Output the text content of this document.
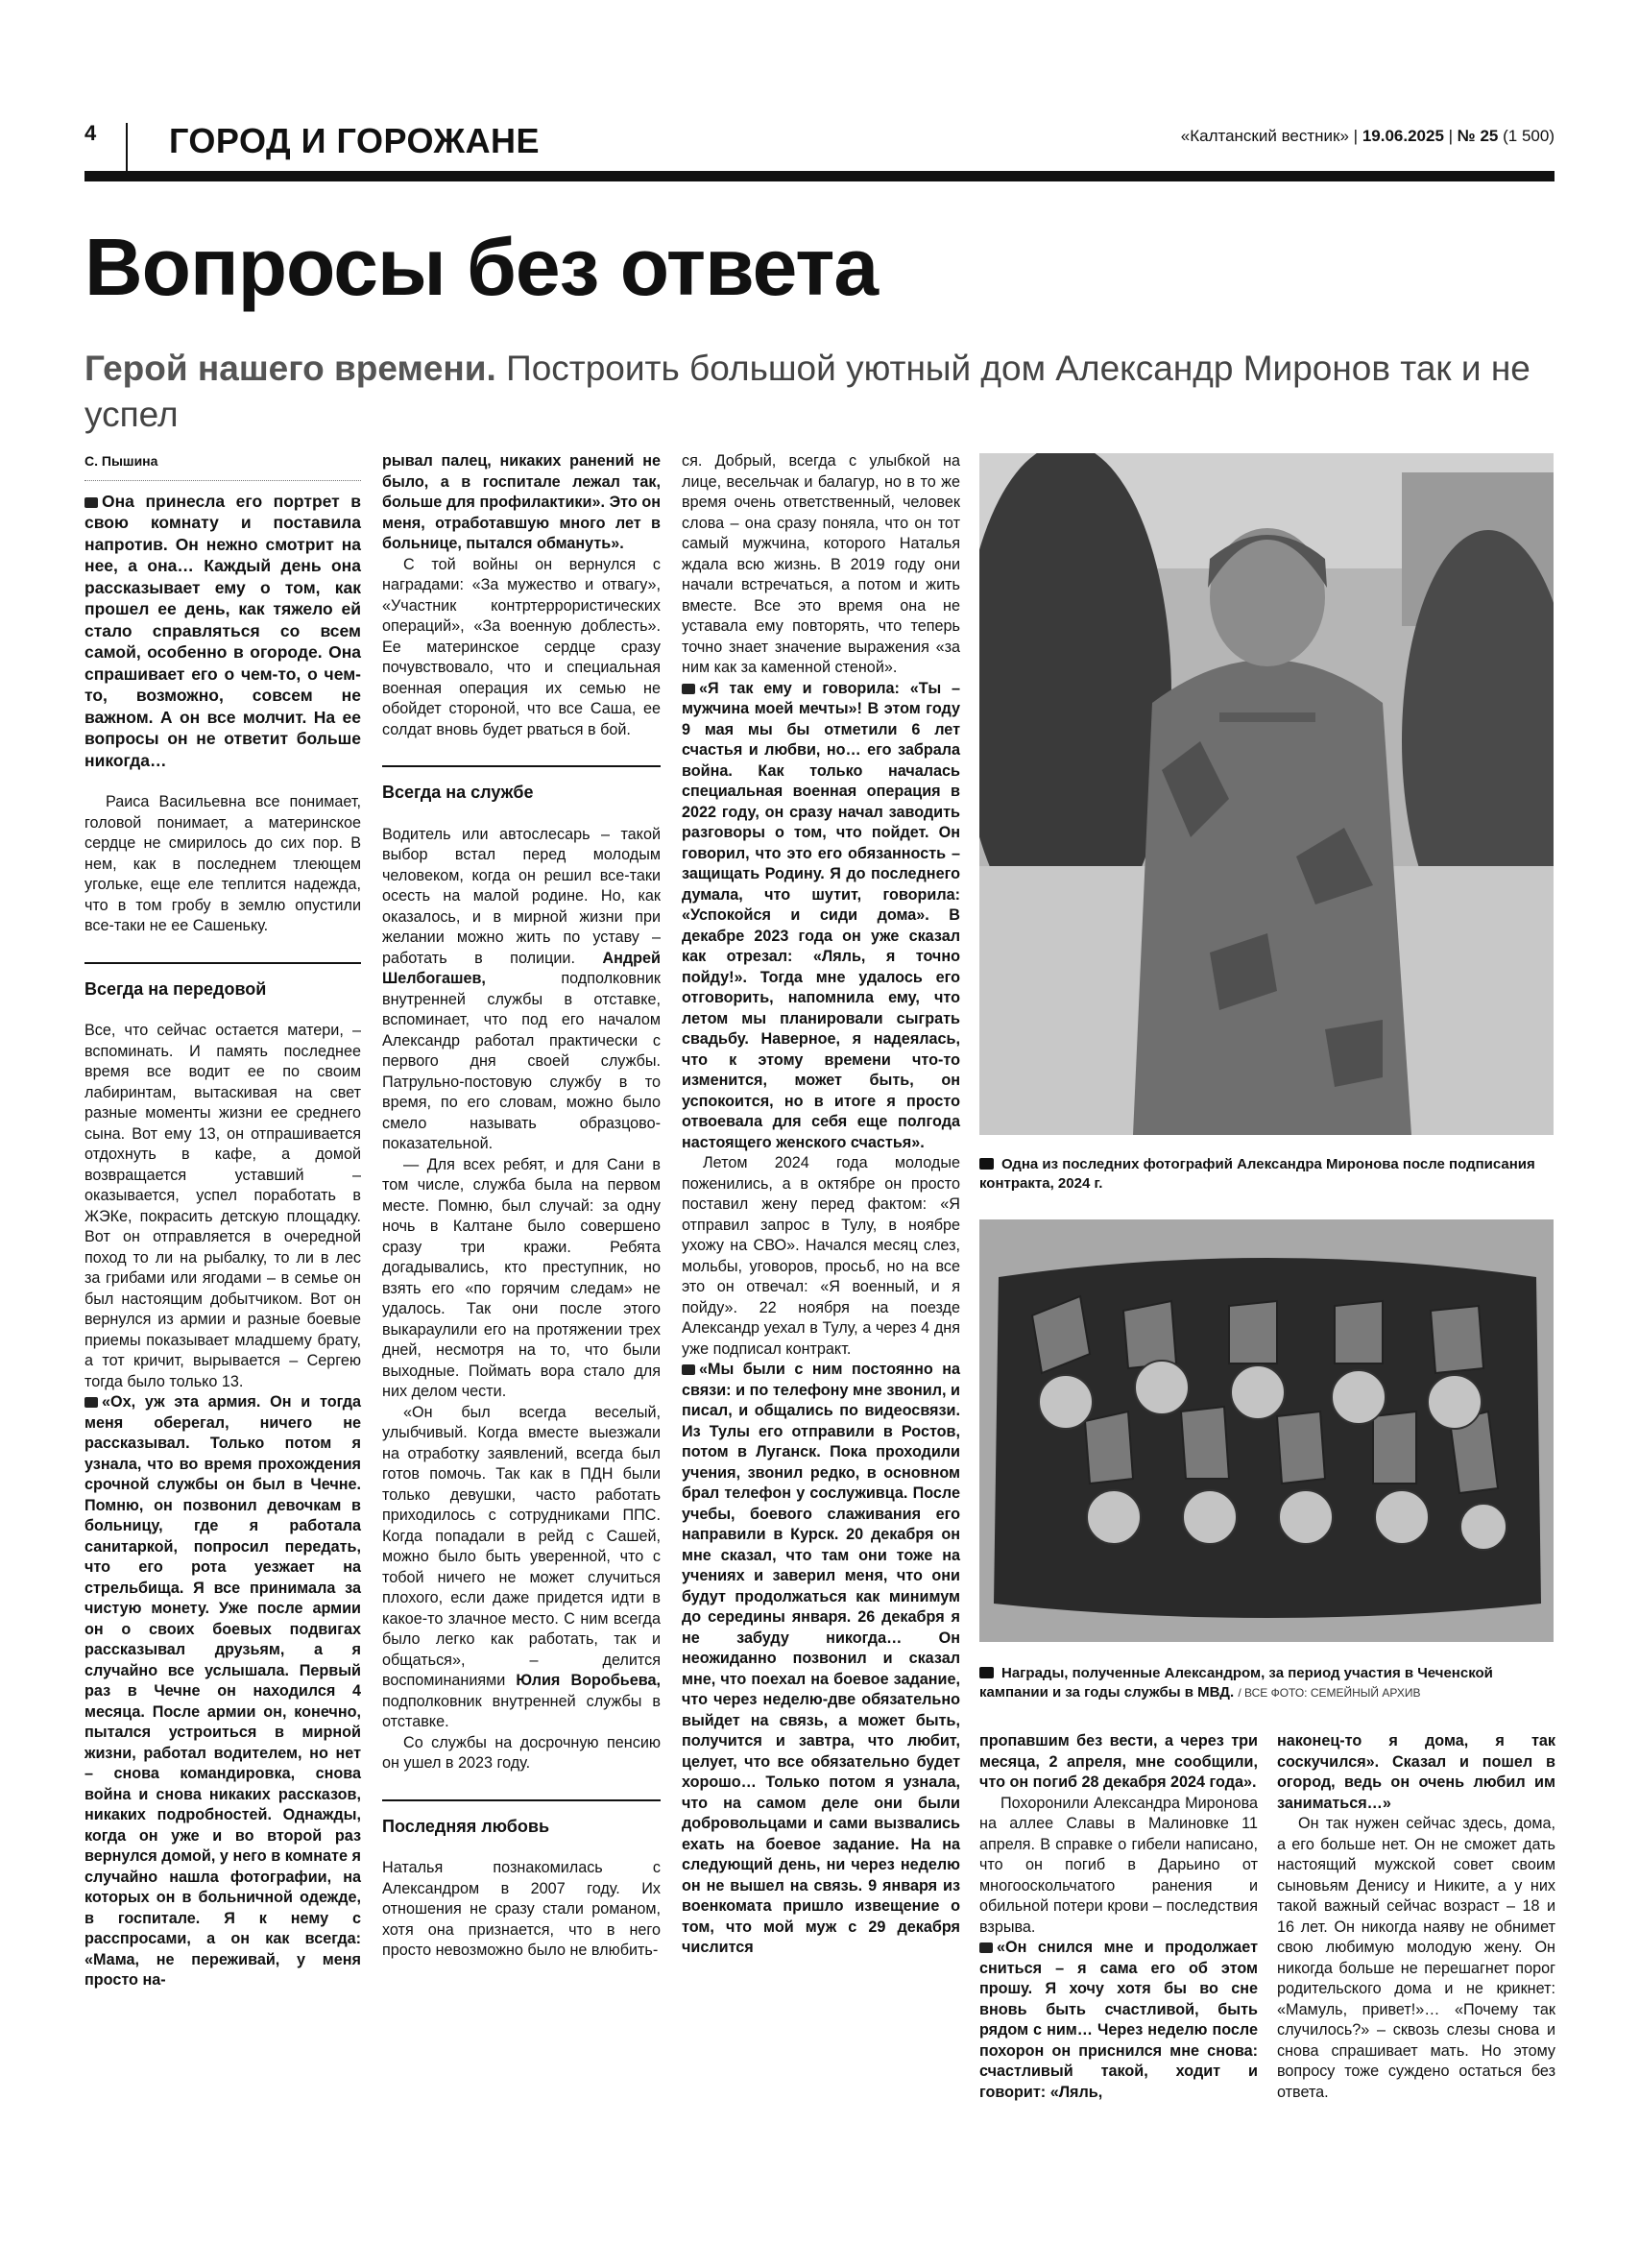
4 ГОРОД И ГОРОЖАНЕ	«Калтанский вестник» | 19.06.2025 | № 25 (1 500)
Вопросы без ответа
Герой нашего времени. Построить большой уютный дом Александр Миронов так и не успел
С. Пышина

Она принесла его портрет в свою комнату и поставила напротив. Он нежно смотрит на нее, а она… Каждый день она рассказывает ему о том, как прошел ее день, как тяжело ей стало справляться со всем самой, особенно в огороде. Она спрашивает его о чем-то, о чем-то, возможно, совсем не важном. А он все молчит. На ее вопросы он не ответит больше никогда…

Раиса Васильевна все понимает, головой понимает, а материнское сердце не смирилось до сих пор. В нем, как в последнем тлеющем угольке, еще еле теплится надежда, что в том гробу в землю опустили все-таки не ее Сашеньку.

Всегда на передовой

Все, что сейчас остается матери, – вспоминать. И память последнее время все водит ее по своим лабиринтам, вытаскивая на свет разные моменты жизни ее среднего сына. Вот ему 13, он отпрашивается отдохнуть в кафе, а домой возвращается уставший – оказывается, успел поработать в ЖЭКе, покрасить детскую площадку. Вот он отправляется в очередной поход то ли на рыбалку, то ли в лес за грибами или ягодами – в семье он был настоящим добытчиком. Вот он вернулся из армии и разные боевые приемы показывает младшему брату, а тот кричит, вырывается – Сергею тогда было только 13.

«Ох, уж эта армия. Он и тогда меня оберегал, ничего не рассказывал. Только потом я узнала, что во время прохождения срочной службы он был в Чечне. Помню, он позвонил девочкам в больницу, где я работала санитаркой, попросил передать, что его рота уезжает на стрельбища. Я все принимала за чистую монету. Уже после армии он о своих боевых подвигах рассказывал друзьям, а я случайно все услышала. Первый раз в Чечне он находился 4 месяца. После армии он, конечно, пытался устроиться в мирной жизни, работал водителем, но нет – снова командировка, снова война и снова никаких рассказов, никаких подробностей. Однажды, когда он уже и во второй раз вернулся домой, у него в комнате я случайно нашла фотографии, на которых он в больничной одежде, в госпитале. Я к нему с расспросами, а он как всегда: «Мама, не переживай, у меня просто на-

рывал палец, никаких ранений не было, а в госпитале лежал так, больше для профилактики». Это он меня, отработавшую много лет в больнице, пытался обмануть».

С той войны он вернулся с наградами: «За мужество и отвагу», «Участник контртеррористических операций», «За военную доблесть». Ее материнское сердце сразу почувствовало, что и специальная военная операция их семью не обойдет стороной, что все Саша, ее солдат вновь будет рваться в бой.

Всегда на службе

Водитель или автослесарь – такой выбор встал перед молодым человеком, когда он решил все-таки осесть на малой родине. Но, как оказалось, и в мирной жизни при желании можно жить по уставу – работать в полиции. Андрей Шелбогашев,	подполковник внутренней службы в отставке, вспоминает, что под его началом Александр работал практически с первого дня своей службы. Патрульно-постовую службу в то время, по его словам, можно было смело называть образцово-показательной.

— Для всех ребят, и для Сани в том числе, служба была на первом месте. Помню, был случай: за одну ночь в Калтане было совершено сразу три кражи. Ребята догадывались, кто преступник, но взять его «по горячим следам» не удалось. Так они после этого выкараулили его на протяжении трех дней, несмотря на то, что были выходные. Поймать вора стало для них делом чести.

«Он был всегда веселый, улыбчивый. Когда вместе выезжали на отработку заявлений, всегда был готов помочь. Так как в ПДН были только девушки, часто работать приходилось с сотрудниками ППС. Когда попадали в рейд с Сашей, можно было быть уверенной, что с тобой ничего не может случиться плохого, если даже придется идти в какое-то злачное место. С ним всегда было легко как работать, так и общаться», – делится воспоминаниями Юлия Воробьева, подполковник внутренней службы в отставке.

Со службы на досрочную пенсию он ушел в 2023 году.

Последняя любовь

Наталья познакомилась с Александром в 2007 году. Их отношения не сразу стали романом, хотя она признается, что в него просто невозможно было не влюбить-

ся. Добрый, всегда с улыбкой на лице, весельчак и балагур, но в то же время очень ответственный, человек слова – она сразу поняла, что он тот самый мужчина, которого Наталья ждала всю жизнь. В 2019 году они начали встречаться, а потом и жить вместе. Все это время она не уставала ему повторять, что теперь точно знает значение выражения «за ним как за каменной стеной».

«Я так ему и говорила: «Ты – мужчина моей мечты»! В этом году 9 мая мы бы отметили 6 лет счастья и любви, но… его забрала война. Как только началась специальная военная операция в 2022 году, он сразу начал заводить разговоры о том, что пойдет. Он говорил, что это его обязанность – защищать Родину. Я до последнего думала, что шутит, говорила: «Успокойся и сиди дома». В декабре 2023 года он уже сказал как отрезал: «Ляль, я точно пойду!». Тогда мне удалось его отговорить, напомнила ему, что летом мы планировали сыграть свадьбу. Наверное, я надеялась, что к этому времени что-то изменится, может быть, он успокоится, но в итоге я просто отвоевала для себя еще полгода настоящего женского счастья».

Летом 2024 года молодые поженились, а в октябре он просто поставил жену перед фактом: «Я отправил запрос в Тулу, в ноябре ухожу на СВО». Начался месяц слез, мольбы, уговоров, просьб, но на все это он отвечал: «Я военный, и я пойду». 22 ноября на поезде Александр уехал в Тулу, а через 4 дня уже подписал контракт.

«Мы были с ним постоянно на связи: и по телефону мне звонил, и писал, и общались по видеосвязи. Из Тулы его отправили в Ростов, потом в Луганск. Пока проходили учения, звонил редко, в основном брал телефон у сослуживца. После учебы, боевого слаживания его направили в Курск. 20 декабря он мне сказал, что там они тоже на учениях и заверил меня, что они будут продолжаться как минимум до середины января. 26 декабря я не забуду никогда… Он неожиданно позвонил и сказал мне, что поехал на боевое задание, что через неделю-две обязательно выйдет на связь, а может быть, получится и завтра, что любит, целует, что все обязательно будет хорошо… Только потом я узнала, что на самом деле они были добровольцами и сами вызвались ехать на боевое задание. На на следующий день, ни через неделю он не вышел на связь. 9 января из военкомата пришло извещение о том, что мой муж с 29 декабря числится

Одна из последних фотографий Александра Миронова после подписания контракта, 2024 г.
Награды, полученные Александром, за период участия в Чеченской кампании и за годы службы в МВД. / ВСЕ ФОТО: СЕМЕЙНЫЙ АРХИВ

пропавшим без вести, а через три месяца, 2 апреля, мне сообщили, что он погиб 28 декабря 2024 года».

Похоронили Александра Миронова на аллее Славы в Малиновке 11 апреля. В справке о гибели написано, что он погиб в Дарьино от многооскольчатого ранения и обильной потери крови – последствия взрыва.

«Он снился мне и продолжает сниться – я сама его об этом прошу. Я хочу хотя бы во сне вновь быть счастливой, быть рядом с ним… Через неделю после похорон он приснился мне снова: счастливый такой, ходит и говорит: «Ляль,

наконец-то я дома, я так соскучился». Сказал и пошел в огород, ведь он очень любил им заниматься…»

Он так нужен сейчас здесь, дома, а его больше нет. Он не сможет дать настоящий мужской совет своим сыновьям Денису и Никите, а у них такой важный сейчас возраст – 18 и 16 лет. Он никогда наяву не обнимет свою любимую молодую жену. Он никогда больше не перешагнет порог родительского дома и не крикнет: «Мамуль, привет!»… «Почему так случилось?» – сквозь слезы снова и снова спрашивает мать. Но этому вопросу тоже суждено остаться без ответа.
